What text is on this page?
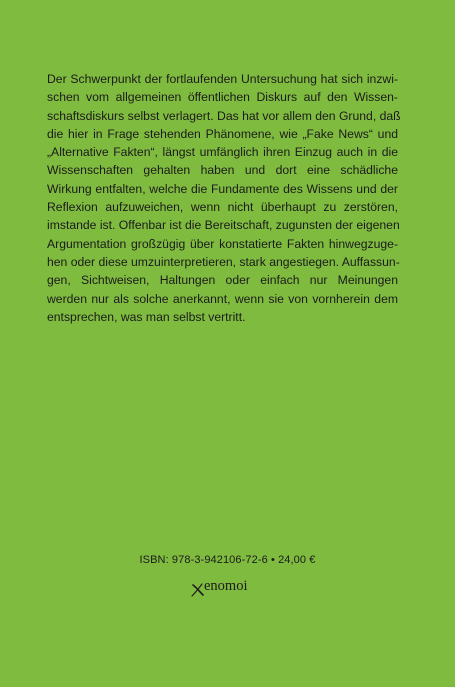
Der Schwerpunkt der fortlaufenden Untersuchung hat sich inzwi-
schen vom allgemeinen öffentlichen Diskurs auf den Wissen-
schaftsdiskurs selbst verlagert. Das hat vor allem den Grund, daß
die hier in Frage stehenden Phänomene, wie „Fake News“ und
„Alternative Fakten“, längst umfänglich ihren Einzug auch in die
Wissenschaften gehalten haben und dort eine schädliche
Wirkung entfalten, welche die Fundamente des Wissens und der
Reflexion aufzuweichen, wenn nicht überhaupt zu zerstören,
imstande ist. Offenbar ist die Bereitschaft, zugunsten der eigenen
Argumentation großzügig über konstatierte Fakten hinwegzuge-
hen oder diese umzuinterpretieren, stark angestiegen. Auffassun-
gen, Sichtweisen, Haltungen oder einfach nur Meinungen
werden nur als solche anerkannt, wenn sie von vornherein dem
entsprechen, was man selbst vertritt.
ISBN: 978-3-942106-72-6 • 24,00 €
enomoi
